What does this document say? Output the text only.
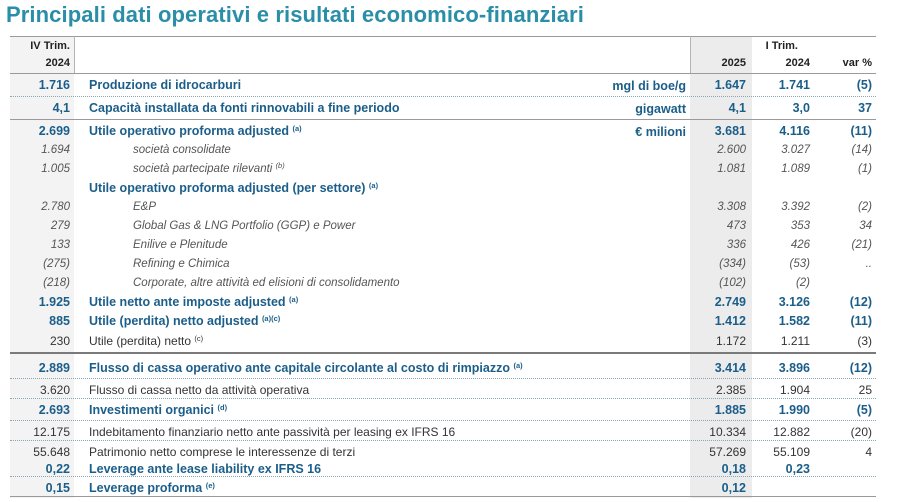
Principali dati operativi e risultati economico-finanziari
IV Trim.
2024
I Trim.
2025	2024	var %
1.716 Produzione di idrocarburi	mgl di boe/g	1.647	1.741	(5)
4,1 Capacità installata da fonti rinnovabili a fine periodo	gigawatt	4,1	3,0	37
2.699 Utile operativo proforma adjusted $^{(a)}$	€ milioni	3.681	4.116	(11)
1.694	società consolidate	2.600	3.027	(14)
1.005	società partecipate rilevanti $^{(b)}$	1.081	1.089	(1)
Utile operativo proforma adjusted (per settore) $^{(a)}$
2.780	E&P	3.308	3.392	(2)
279	Global Gas & LNG Portfolio (GGP) e Power	473	353	34
133	Enilive e Plenitude	336	426	(21)
(275)	Refining e Chimica	(334)	(53)	..
(218)	Corporate, altre attività ed elisioni di consolidamento	(102)	(2)
1.925 Utile netto ante imposte adjusted $^{(a)}$	2.749	3.126	(12)
885 Utile (perdita) netto adjusted $^{(a)(c)}$	1.412	1.582	(11)
230 Utile (perdita) netto $^{(c)}$	1.172	1.211	(3)
2.889 Flusso di cassa operativo ante capitale circolante al costo di rimpiazzo $^{(a)}$	3.414	3.896	(12)
3.620 Flusso di cassa netto da attività operativa	2.385	1.904	25
2.693 Investimenti organici $^{(d)}$	1.885	1.990	(5)
12.175 Indebitamento finanziario netto ante passività per leasing ex IFRS 16	10.334	12.882	(20)
55.648 Patrimonio netto comprese le interessenze di terzi	57.269	55.109	4
0,22 Leverage ante lease liability ex IFRS 16	0,18	0,23
0,15 Leverage proforma $^{(e)}$	0,12
